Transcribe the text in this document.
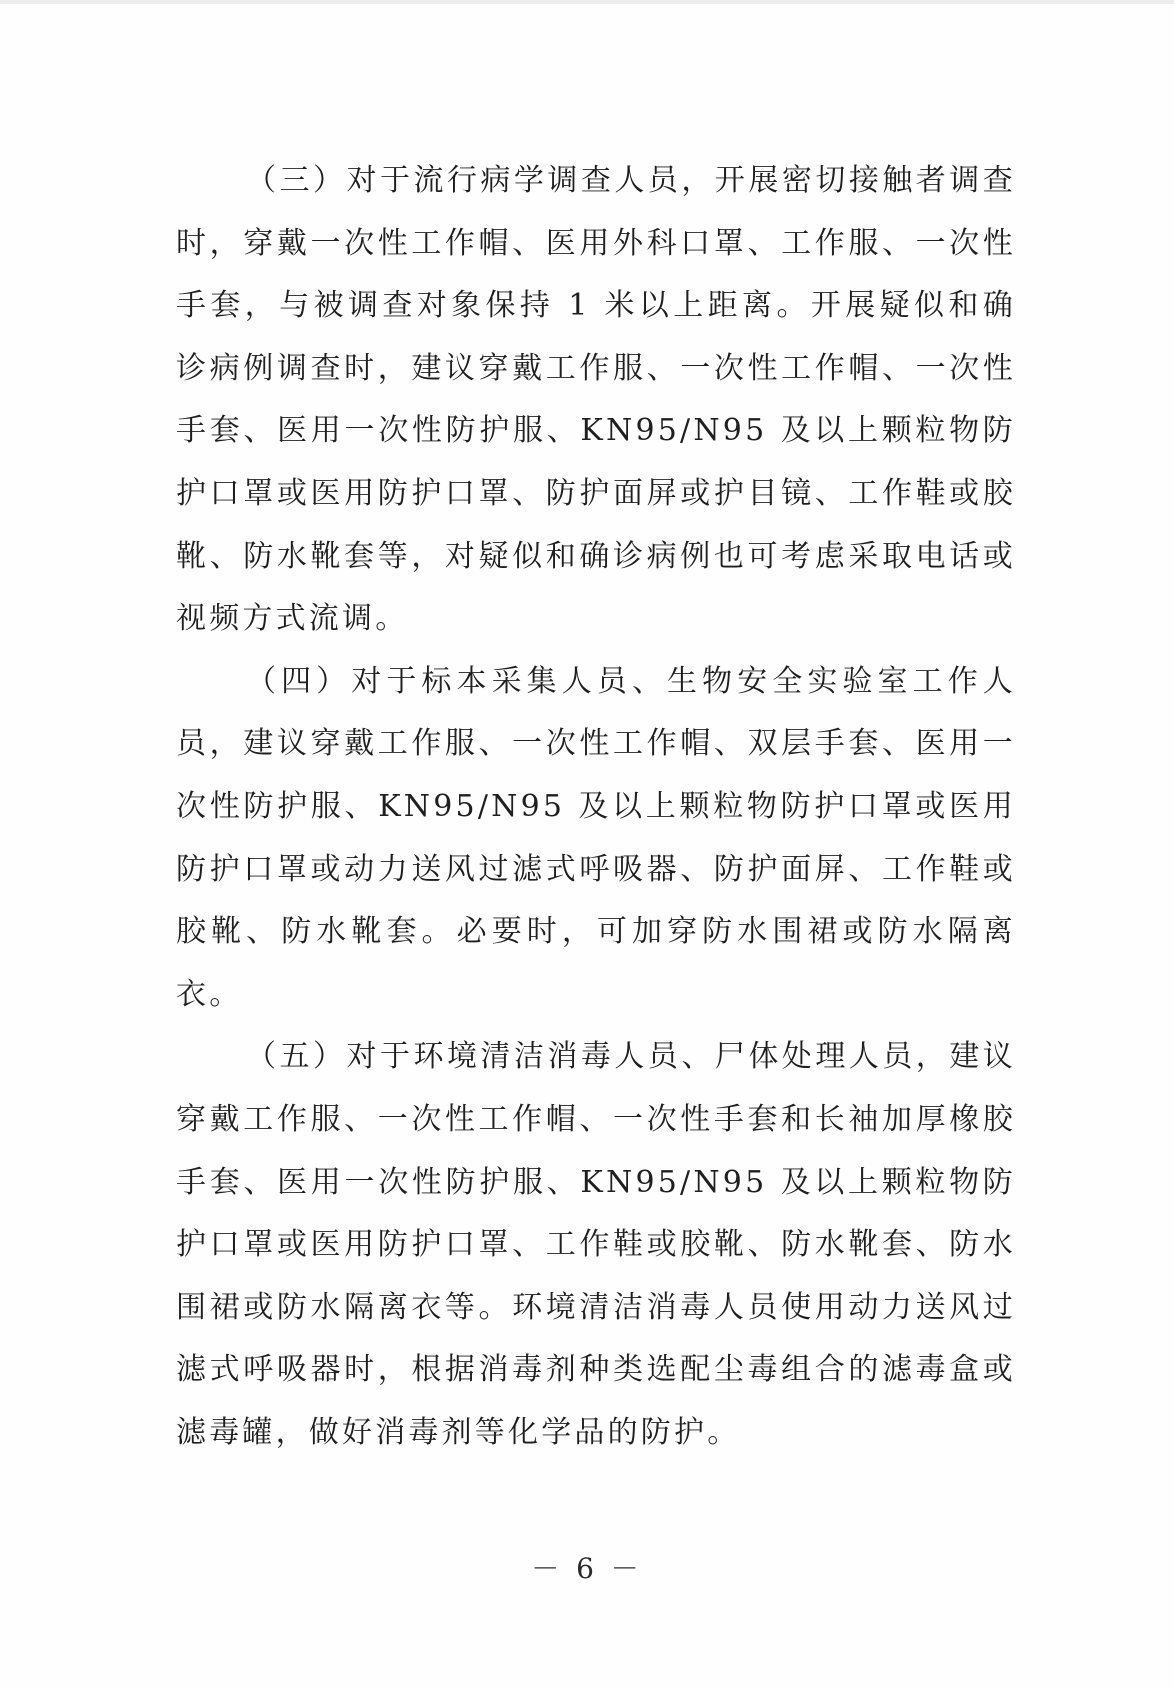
（三）对于流行病学调查人员，开展密切接触者调查时，穿戴一次性工作帽、医用外科口罩、工作服、一次性手套，与被调查对象保持 1 米以上距离。开展疑似和确诊病例调查时，建议穿戴工作服、一次性工作帽、一次性手套、医用一次性防护服、KN95/N95 及以上颗粒物防护口罩或医用防护口罩、防护面屏或护目镜、工作鞋或胶靴、防水靴套等，对疑似和确诊病例也可考虑采取电话或视频方式流调。

（四）对于标本采集人员、生物安全实验室工作人员，建议穿戴工作服、一次性工作帽、双层手套、医用一次性防护服、KN95/N95 及以上颗粒物防护口罩或医用防护口罩或动力送风过滤式呼吸器、防护面屏、工作鞋或胶靴、防水靴套。必要时，可加穿防水围裙或防水隔离衣。

（五）对于环境清洁消毒人员、尸体处理人员，建议穿戴工作服、一次性工作帽、一次性手套和长袖加厚橡胶手套、医用一次性防护服、KN95/N95 及以上颗粒物防护口罩或医用防护口罩、工作鞋或胶靴、防水靴套、防水围裙或防水隔离衣等。环境清洁消毒人员使用动力送风过滤式呼吸器时，根据消毒剂种类选配尘毒组合的滤毒盒或滤毒罐，做好消毒剂等化学品的防护。

－ 6 －
